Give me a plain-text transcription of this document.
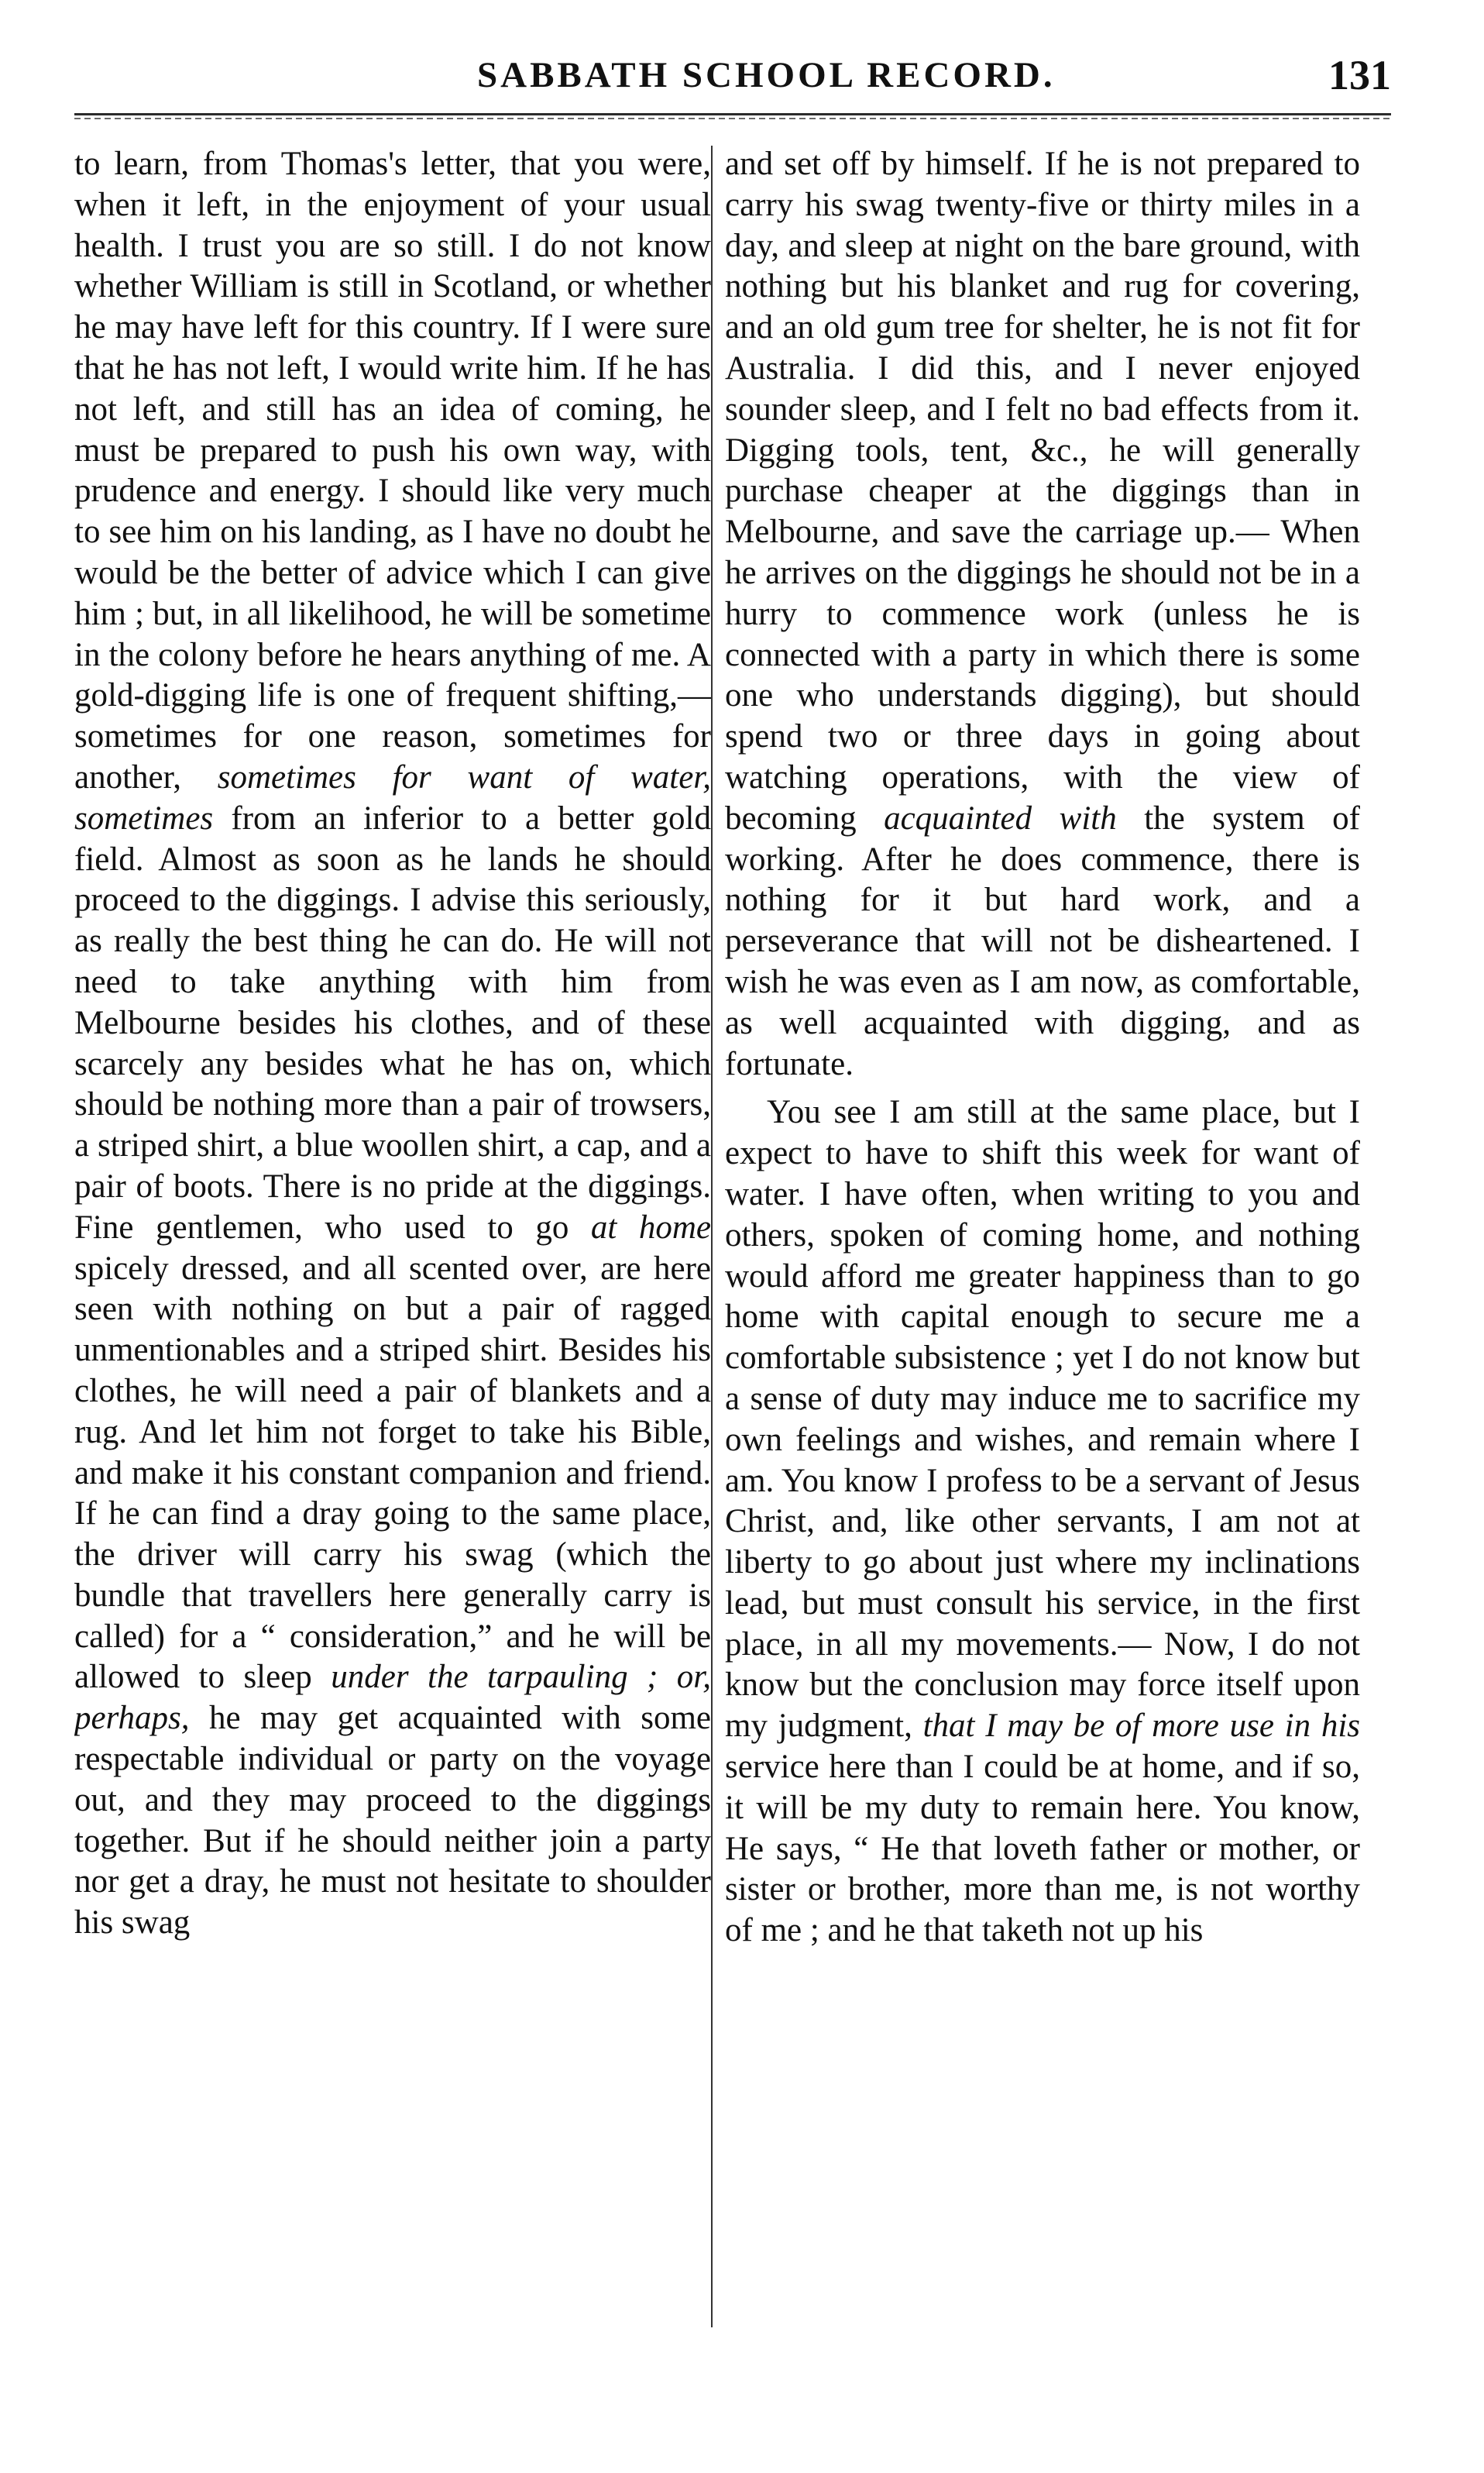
SABBATH SCHOOL RECORD.	131

to learn, from Thomas's letter, that you were, when it left, in the enjoyment of your usual health. I trust you are so still. I do not know whether William is still in Scotland, or whether he may have left for this country. If I were sure that he has not left, I would write him. If he has not left, and still has an idea of coming, he must be prepared to push his own way, with prudence and energy. I should like very much to see him on his landing, as I have no doubt he would be the better of advice which I can give him ; but, in all likelihood, he will be sometime in the colony before he hears anything of me. A gold-digging life is one of frequent shifting,—sometimes for one reason, sometimes for another, sometimes for want of water, sometimes from an inferior to a better gold field. Almost as soon as he lands he should proceed to the diggings. I advise this seriously, as really the best thing he can do. He will not need to take anything with him from Melbourne besides his clothes, and of these scarcely any besides what he has on, which should be nothing more than a pair of trowsers, a striped shirt, a blue woollen shirt, a cap, and a pair of boots. There is no pride at the diggings. Fine gentlemen, who used to go at home spicely dressed, and all scented over, are here seen with nothing on but a pair of ragged unmentionables and a striped shirt. Besides his clothes, he will need a pair of blankets and a rug. And let him not forget to take his Bible, and make it his constant companion and friend. If he can find a dray going to the same place, the driver will carry his swag (which the bundle that travellers here generally carry is called) for a “ consideration,” and he will be allowed to sleep under the tarpauling ; or, perhaps, he may get acquainted with some respectable individual or party on the voyage out, and they may proceed to the diggings together. But if he should neither join a party nor get a dray, he must not hesitate to shoulder his swag

and set off by himself. If he is not prepared to carry his swag twenty-five or thirty miles in a day, and sleep at night on the bare ground, with nothing but his blanket and rug for covering, and an old gum tree for shelter, he is not fit for Australia. I did this, and I never enjoyed sounder sleep, and I felt no bad effects from it. Digging tools, tent, &c., he will generally purchase cheaper at the diggings than in Melbourne, and save the carriage up.— When he arrives on the diggings he should not be in a hurry to commence work (unless he is connected with a party in which there is some one who understands digging), but should spend two or three days in going about watching operations, with the view of becoming acquainted with the system of working. After he does commence, there is nothing for it but hard work, and a perseverance that will not be disheartened. I wish he was even as I am now, as comfortable, as well acquainted with digging, and as fortunate.

You see I am still at the same place, but I expect to have to shift this week for want of water. I have often, when writing to you and others, spoken of coming home, and nothing would afford me greater happiness than to go home with capital enough to secure me a comfortable subsistence ; yet I do not know but a sense of duty may induce me to sacrifice my own feelings and wishes, and remain where I am. You know I profess to be a servant of Jesus Christ, and, like other servants, I am not at liberty to go about just where my inclinations lead, but must consult his service, in the first place, in all my movements.— Now, I do not know but the conclusion may force itself upon my judgment, that I may be of more use in his service here than I could be at home, and if so, it will be my duty to remain here. You know, He says, “ He that loveth father or mother, or sister or brother, more than me, is not worthy of me ; and he that taketh not up his
